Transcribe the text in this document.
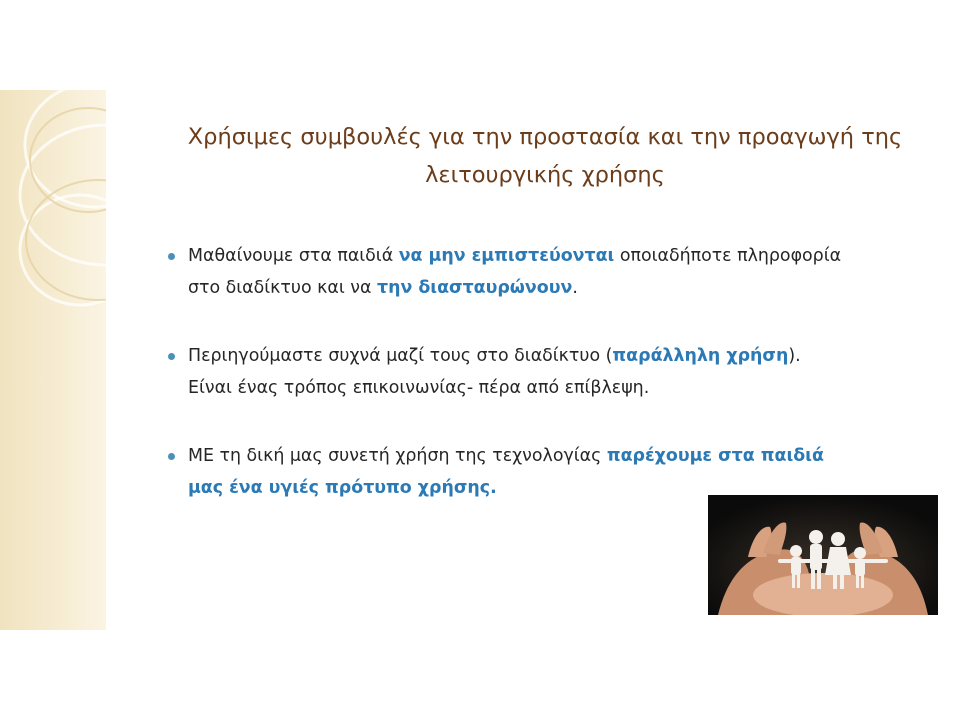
Χρήσιμες συμβουλές για την προστασία και την προαγωγή της
λειτουργικής χρήσης
Μαθαίνουμε στα παιδιά να μην εμπιστεύονται οποιαδήποτε πληροφορία
στο διαδίκτυο και να την διασταυρώνουν.
Περιηγούμαστε συχνά μαζί τους στο διαδίκτυο (παράλληλη χρήση).
Είναι ένας τρόπος επικοινωνίας- πέρα από επίβλεψη.
ΜΕ τη δική μας συνετή χρήση της τεχνολογίας παρέχουμε στα παιδιά
μας ένα υγιές πρότυπο χρήσης.
